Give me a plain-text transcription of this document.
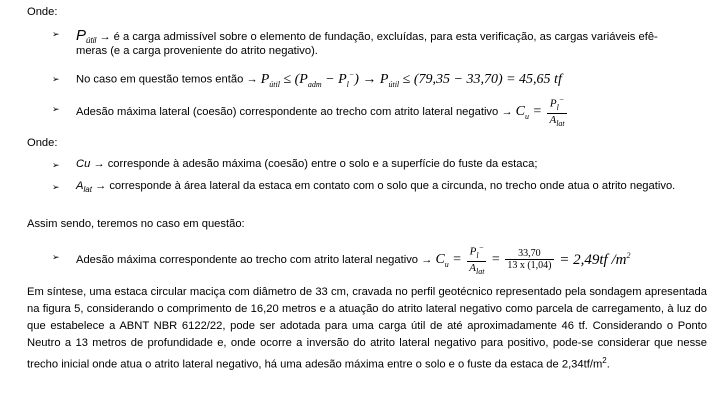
Onde:
➢ $P_{útil}$ → é a carga admissível sobre o elemento de fundação, excluídas, para esta verificação, as cargas variáveis efê-
meras (e a carga proveniente do atrito negativo).
➢ No caso em questão temos então → $P_{útil} \le (P_{adm} - P_l^-) \to P_{útil} \le (79,35 - 33,70) = 45,65$ tf
➢ Adesão máxima lateral (coesão) correspondente ao trecho com atrito lateral negativo → $C_u = \frac{P_l^-}{A_{lat}}$
Onde:
➢ Cu → corresponde à adesão máxima (coesão) entre o solo e a superfície do fuste da estaca;
➢ $A_{lat}$ → corresponde à área lateral da estaca em contato com o solo que a circunda, no trecho onde atua o atrito negativo.
Assim sendo, teremos no caso em questão:
➢ Adesão máxima correspondente ao trecho com atrito lateral negativo → $C_u = \frac{P_l^-}{A_{lat}} = \frac{33,70}{13 x (1,04)} = 2,49tf$ $/m^2$
Em síntese, uma estaca circular maciça com diâmetro de 33 cm, cravada no perfil geotécnico representado pela sondagem apresentada na figura 5, considerando o comprimento de 16,20 metros e a atuação do atrito lateral negativo como parcela de carregamento, à luz do que estabelece a ABNT NBR 6122/22, pode ser adotada para uma carga útil de até aproximadamente 46 tf. Considerando o Ponto Neutro a 13 metros de profundidade e, onde ocorre a inversão do atrito lateral negativo para positivo, pode-se considerar que nesse trecho inicial onde atua o atrito lateral negativo, há uma adesão máxima entre o solo e o fuste da estaca de $2,34tf/m^2$.
